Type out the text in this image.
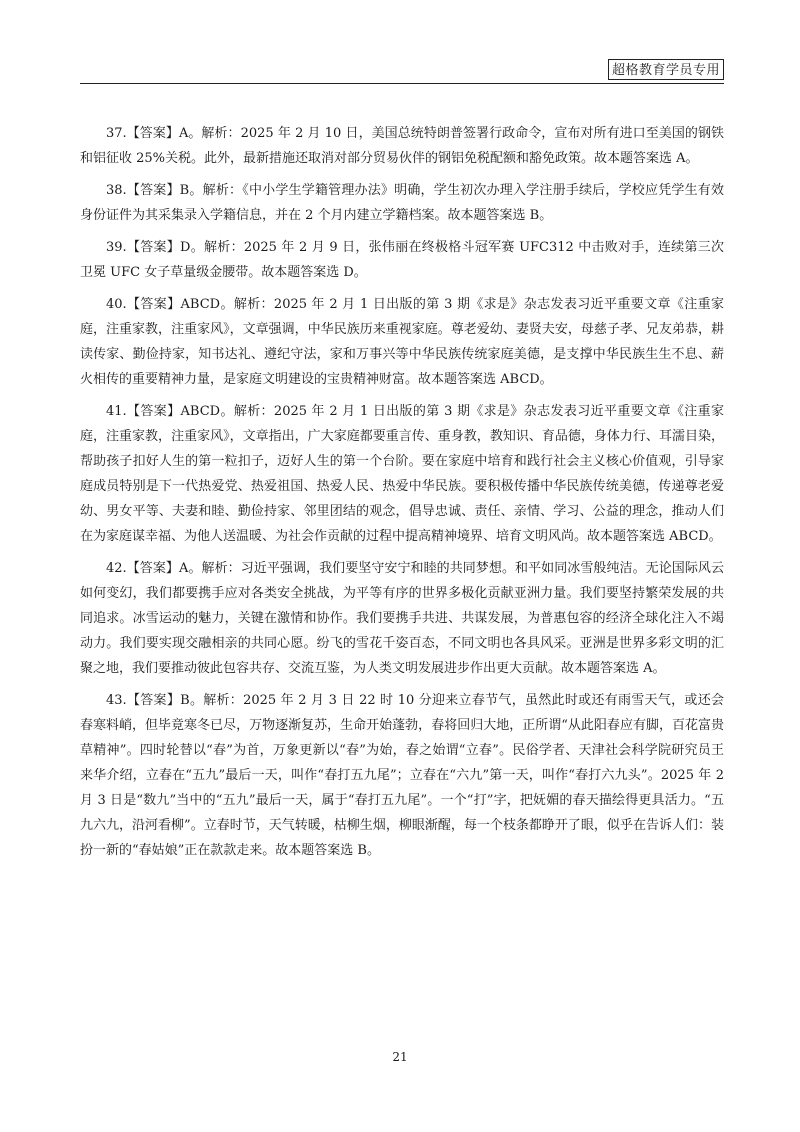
超格教育学员专用

37.【答案】A。解析：2025 年 2 月 10 日，美国总统特朗普签署行政命令，宣布对所有进口至美国的钢铁和铝征收 25%关税。此外，最新措施还取消对部分贸易伙伴的钢铝免税配额和豁免政策。故本题答案选 A。

38.【答案】B。解析：《中小学生学籍管理办法》明确，学生初次办理入学注册手续后，学校应凭学生有效身份证件为其采集录入学籍信息，并在 2 个月内建立学籍档案。故本题答案选 B。

39.【答案】D。解析：2025 年 2 月 9 日，张伟丽在终极格斗冠军赛 UFC312 中击败对手，连续第三次卫冕 UFC 女子草量级金腰带。故本题答案选 D。

40.【答案】ABCD。解析：2025 年 2 月 1 日出版的第 3 期《求是》杂志发表习近平重要文章《注重家庭，注重家教，注重家风》，文章强调，中华民族历来重视家庭。尊老爱幼、妻贤夫安，母慈子孝、兄友弟恭，耕读传家、勤俭持家，知书达礼、遵纪守法，家和万事兴等中华民族传统家庭美德，是支撑中华民族生生不息、薪火相传的重要精神力量，是家庭文明建设的宝贵精神财富。故本题答案选 ABCD。

41.【答案】ABCD。解析：2025 年 2 月 1 日出版的第 3 期《求是》杂志发表习近平重要文章《注重家庭，注重家教，注重家风》，文章指出，广大家庭都要重言传、重身教，教知识、育品德，身体力行、耳濡目染，帮助孩子扣好人生的第一粒扣子，迈好人生的第一个台阶。要在家庭中培育和践行社会主义核心价值观，引导家庭成员特别是下一代热爱党、热爱祖国、热爱人民、热爱中华民族。要积极传播中华民族传统美德，传递尊老爱幼、男女平等、夫妻和睦、勤俭持家、邻里团结的观念，倡导忠诚、责任、亲情、学习、公益的理念，推动人们在为家庭谋幸福、为他人送温暖、为社会作贡献的过程中提高精神境界、培育文明风尚。故本题答案选 ABCD。

42.【答案】A。解析：习近平强调，我们要坚守安宁和睦的共同梦想。和平如同冰雪般纯洁。无论国际风云如何变幻，我们都要携手应对各类安全挑战，为平等有序的世界多极化贡献亚洲力量。我们要坚持繁荣发展的共同追求。冰雪运动的魅力，关键在激情和协作。我们要携手共进、共谋发展，为普惠包容的经济全球化注入不竭动力。我们要实现交融相亲的共同心愿。纷飞的雪花千姿百态，不同文明也各具风采。亚洲是世界多彩文明的汇聚之地，我们要推动彼此包容共存、交流互鉴，为人类文明发展进步作出更大贡献。故本题答案选 A。

43.【答案】B。解析：2025 年 2 月 3 日 22 时 10 分迎来立春节气，虽然此时或还有雨雪天气，或还会春寒料峭，但毕竟寒冬已尽，万物逐渐复苏，生命开始蓬勃，春将回归大地，正所谓“从此阳春应有脚，百花富贵草精神”。四时轮替以“春”为首，万象更新以“春”为始，春之始谓“立春”。民俗学者、天津社会科学院研究员王来华介绍，立春在“五九”最后一天，叫作“春打五九尾”；立春在“六九”第一天，叫作“春打六九头”。2025 年 2 月 3 日是“数九”当中的“五九”最后一天，属于“春打五九尾”。一个“打”字，把妩媚的春天描绘得更具活力。“五九六九，沿河看柳”。立春时节，天气转暖，枯柳生烟，柳眼渐醒，每一个枝条都睁开了眼，似乎在告诉人们：装扮一新的“春姑娘”正在款款走来。故本题答案选 B。

21
